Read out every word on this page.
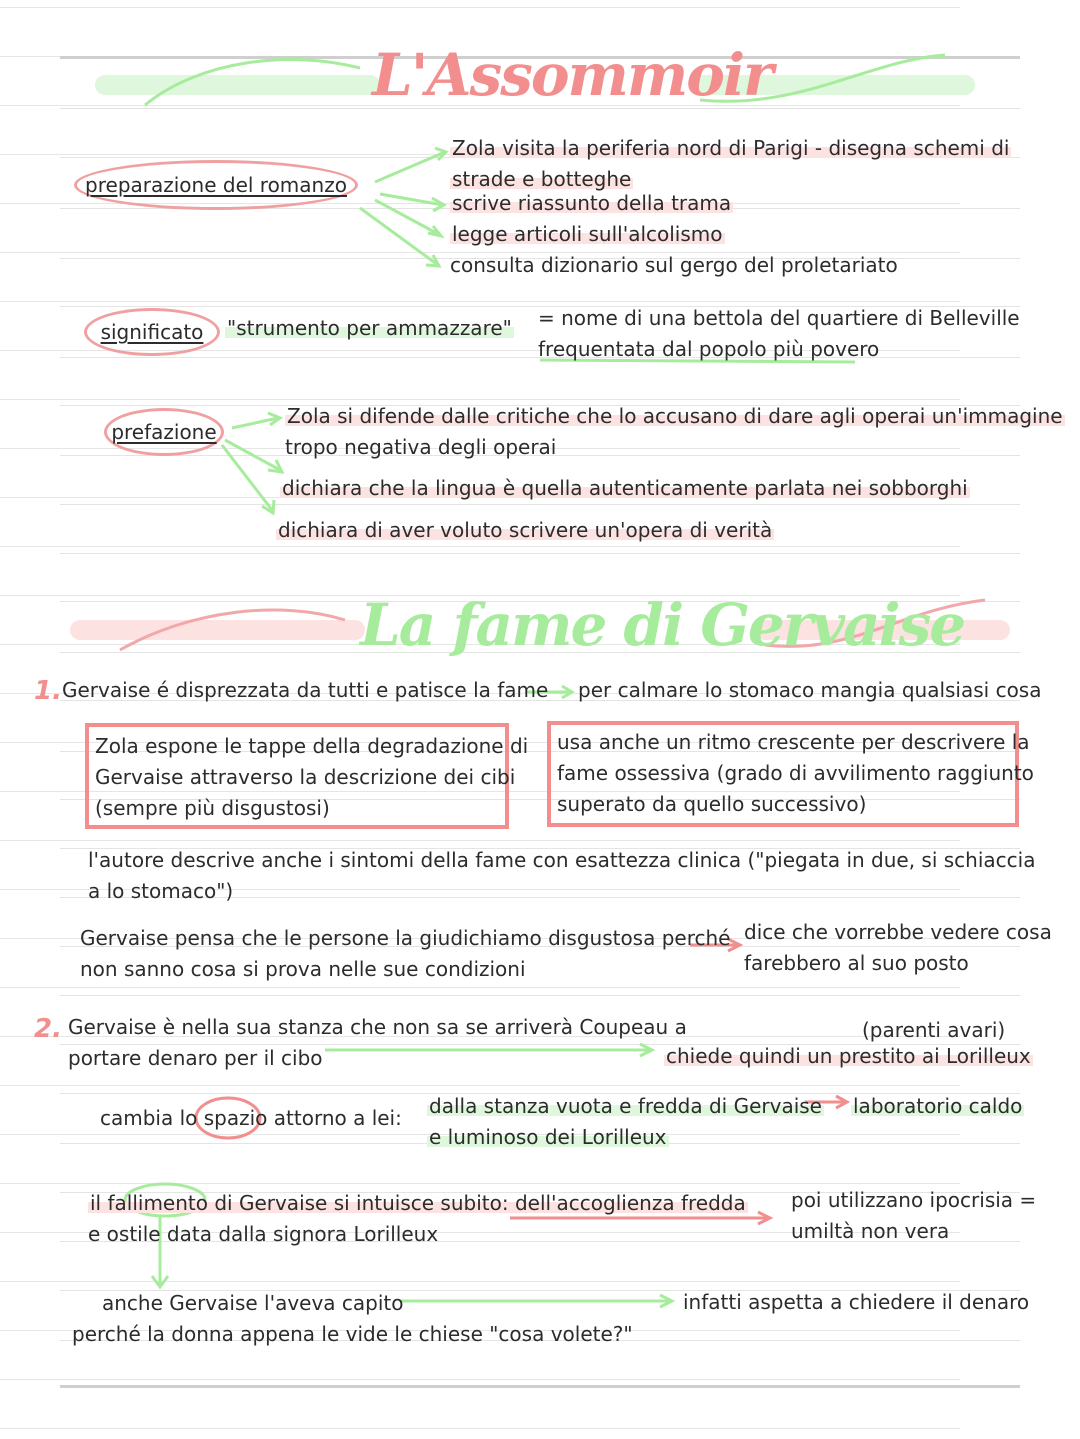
L'Assommoir
preparazione del romanzo
Zola visita la periferia nord di Parigi - disegna schemi di
strade e botteghe
scrive riassunto della trama
legge articoli sull'alcolismo
consulta dizionario sul gergo del proletariato
significato "strumento per ammazzare" = nome di una bettola del quartiere di Belleville
frequentata dal popolo più povero
prefazione
Zola si difende dalle critiche che lo accusano di dare agli operai un'immagine
tropo negativa degli operai
dichiara che la lingua è quella autenticamente parlata nei sobborghi
dichiara di aver voluto scrivere un'opera di verità
La fame di Gervaise
1. Gervaise é disprezzata da tutti e patisce la fame per calmare lo stomaco mangia qualsiasi cosa
Zola espone le tappe della degradazione di
Gervaise attraverso la descrizione dei cibi
(sempre più disgustosi)
usa anche un ritmo crescente per descrivere la
fame ossessiva (grado di avvilimento raggiunto
superato da quello successivo)
l'autore descrive anche i sintomi della fame con esattezza clinica ("piegata in due, si schiaccia
a lo stomaco")
Gervaise pensa che le persone la giudichiamo disgustosa perché
non sanno cosa si prova nelle sue condizioni
dice che vorrebbe vedere cosa
farebbero al suo posto
2. Gervaise è nella sua stanza che non sa se arriverà Coupeau a
portare denaro per il cibo
(parenti avari)
chiede quindi un prestito ai Lorilleux
cambia lo spazio attorno a lei: dalla stanza vuota e fredda di Gervaise
e luminoso dei Lorilleux
laboratorio caldo
il fallimento di Gervaise si intuisce subito: dell'accoglienza fredda
e ostile data dalla signora Lorilleux
poi utilizzano ipocrisia =
umiltà non vera
anche Gervaise l'aveva capito
perché la donna appena le vide le chiese "cosa volete?"
infatti aspetta a chiedere il denaro
